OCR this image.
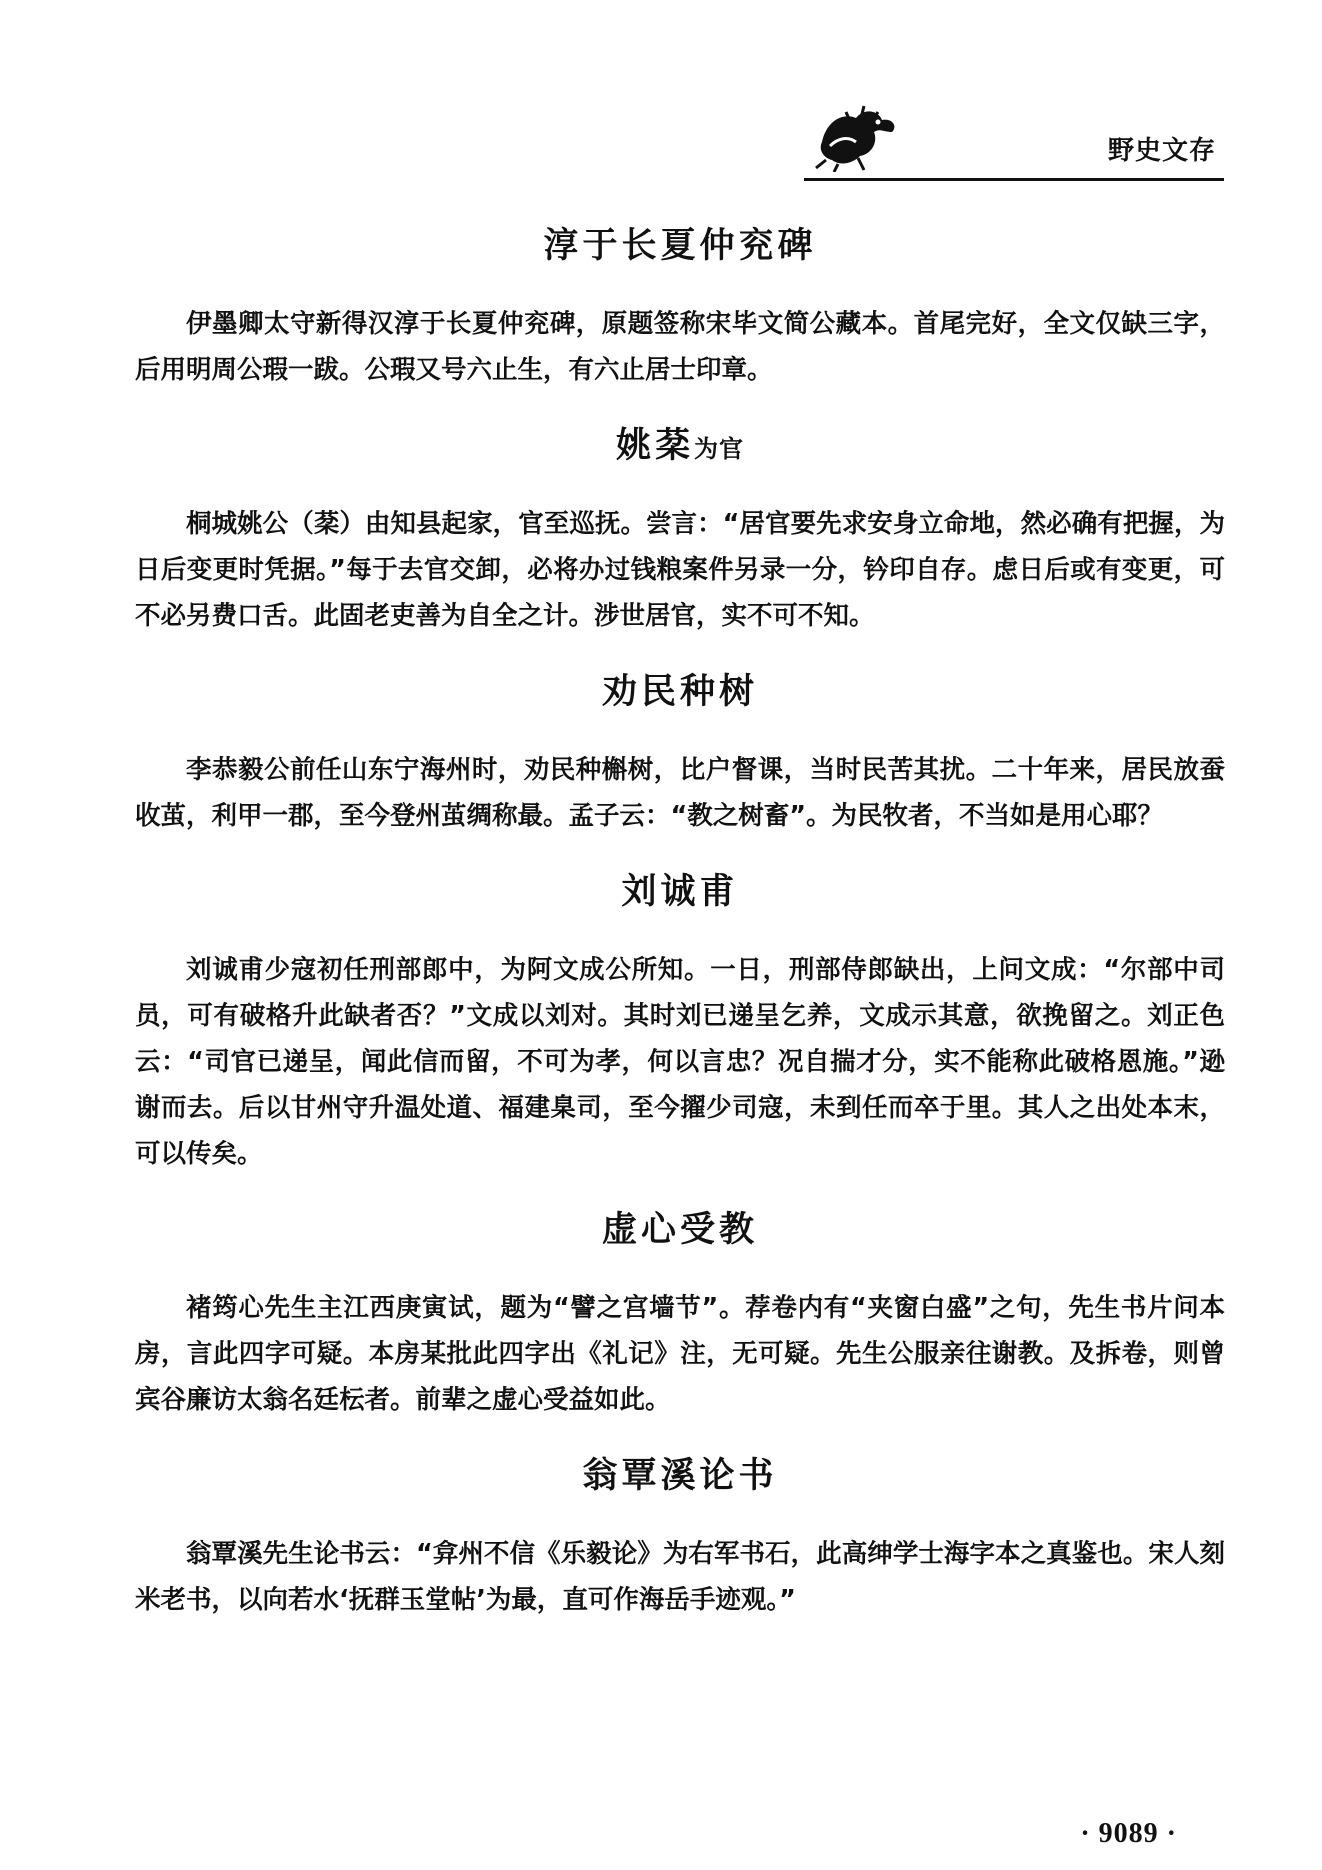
野史文存
淳于长夏仲兖碑

伊墨卿太守新得汉淳于长夏仲兖碑，原题签称宋毕文简公藏本。首尾完好，全文仅缺三字，后用明周公瑕一跋。公瑕又号六止生，有六止居士印章。

姚棻为官

桐城姚公（棻）由知县起家，官至巡抚。尝言：“居官要先求安身立命地，然必确有把握，为日后变更时凭据。”每于去官交卸，必将办过钱粮案件另录一分，钤印自存。虑日后或有变更，可不必另费口舌。此固老吏善为自全之计。涉世居官，实不可不知。

劝民种树

李恭毅公前任山东宁海州时，劝民种槲树，比户督课，当时民苦其扰。二十年来，居民放蚕收茧，利甲一郡，至今登州茧绸称最。孟子云：“教之树畜”。为民牧者，不当如是用心耶？

刘诚甫

刘诚甫少寇初任刑部郎中，为阿文成公所知。一日，刑部侍郎缺出，上问文成：“尔部中司员，可有破格升此缺者否？”文成以刘对。其时刘已递呈乞养，文成示其意，欲挽留之。刘正色云：“司官已递呈，闻此信而留，不可为孝，何以言忠？况自揣才分，实不能称此破格恩施。”逊谢而去。后以甘州守升温处道、福建臬司，至今擢少司寇，未到任而卒于里。其人之出处本末，可以传矣。

虚心受教

褚筠心先生主江西庚寅试，题为“譬之宫墙节”。荐卷内有“夹窗白盛”之句，先生书片问本房，言此四字可疑。本房某批此四字出《礼记》注，无可疑。先生公服亲往谢教。及拆卷，则曾宾谷廉访太翁名廷枟者。前辈之虚心受益如此。

翁覃溪论书

翁覃溪先生论书云：“弇州不信《乐毅论》为右军书石，此高绅学士海字本之真鉴也。宋人刻米老书，以向若水‘抚群玉堂帖’为最，直可作海岳手迹观。”

· 9089 ·
